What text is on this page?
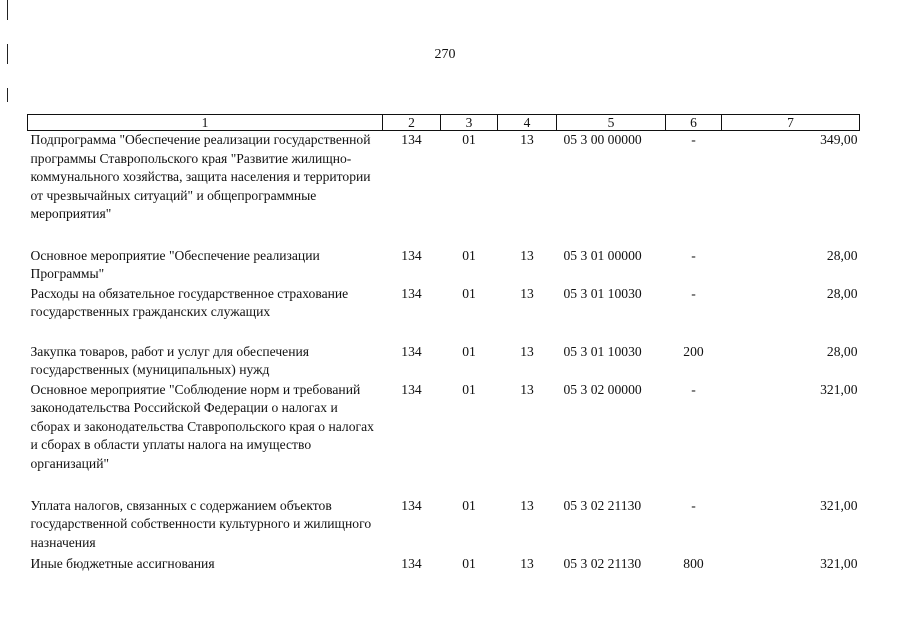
270
1	2	3	4	5	6	7
Подпрограмма "Обеспечение реализации государственной программы Ставропольского края "Развитие жилищно-коммунального хозяйства, защита населения и территории от чрезвычайных ситуаций" и общепрограммные мероприятия"	134	01	13	05 3 00 00000	-	349,00
Основное мероприятие "Обеспечение реализации Программы"	134	01	13	05 3 01 00000	-	28,00
Расходы на обязательное государственное страхование государственных гражданских служащих	134	01	13	05 3 01 10030	-	28,00
Закупка товаров, работ и услуг для обеспечения государственных (муниципальных) нужд	134	01	13	05 3 01 10030	200	28,00
Основное мероприятие "Соблюдение норм и требований законодательства Российской Федерации о налогах и сборах и законодательства Ставропольского края о налогах и сборах в области уплаты налога на имущество организаций"	134	01	13	05 3 02 00000	-	321,00
Уплата налогов, связанных с содержанием объектов государственной собственности культурного и жилищного назначения	134	01	13	05 3 02 21130	-	321,00
Иные бюджетные ассигнования	134	01	13	05 3 02 21130	800	321,00
